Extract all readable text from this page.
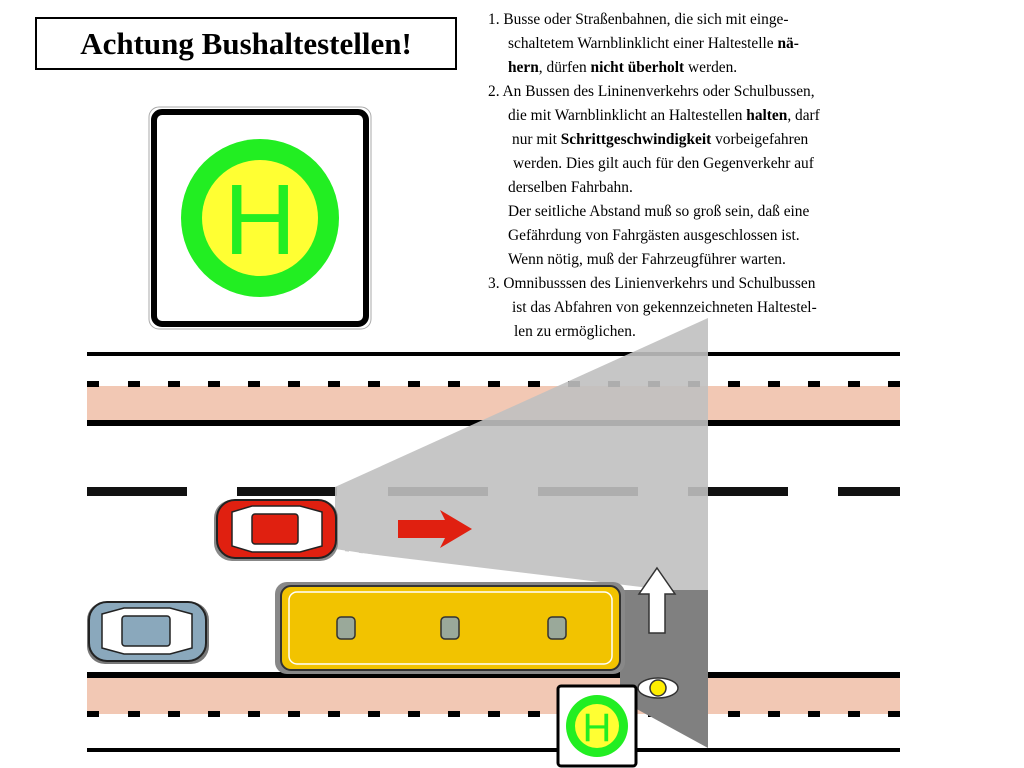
Achtung Bushaltestellen!
1. Busse oder Straßenbahnen, die sich mit einge-
schaltetem Warnblinklicht einer Haltestelle nä-
hern, dürfen nicht überholt werden.
2. An Bussen des Lininenverkehrs oder Schulbussen,
die mit Warnblinklicht an Haltestellen halten, darf
nur mit Schrittgeschwindigkeit vorbeigefahren
werden. Dies gilt auch für den Gegenverkehr auf
derselben Fahrbahn.
Der seitliche Abstand muß so groß sein, daß eine
Gefährdung von Fahrgästen ausgeschlossen ist.
Wenn nötig, muß der Fahrzeugführer warten.
3. Omnibusssen des Linienverkehrs und Schulbussen
ist das Abfahren von gekennzeichneten Haltestel-
len zu ermöglichen.
H
H
